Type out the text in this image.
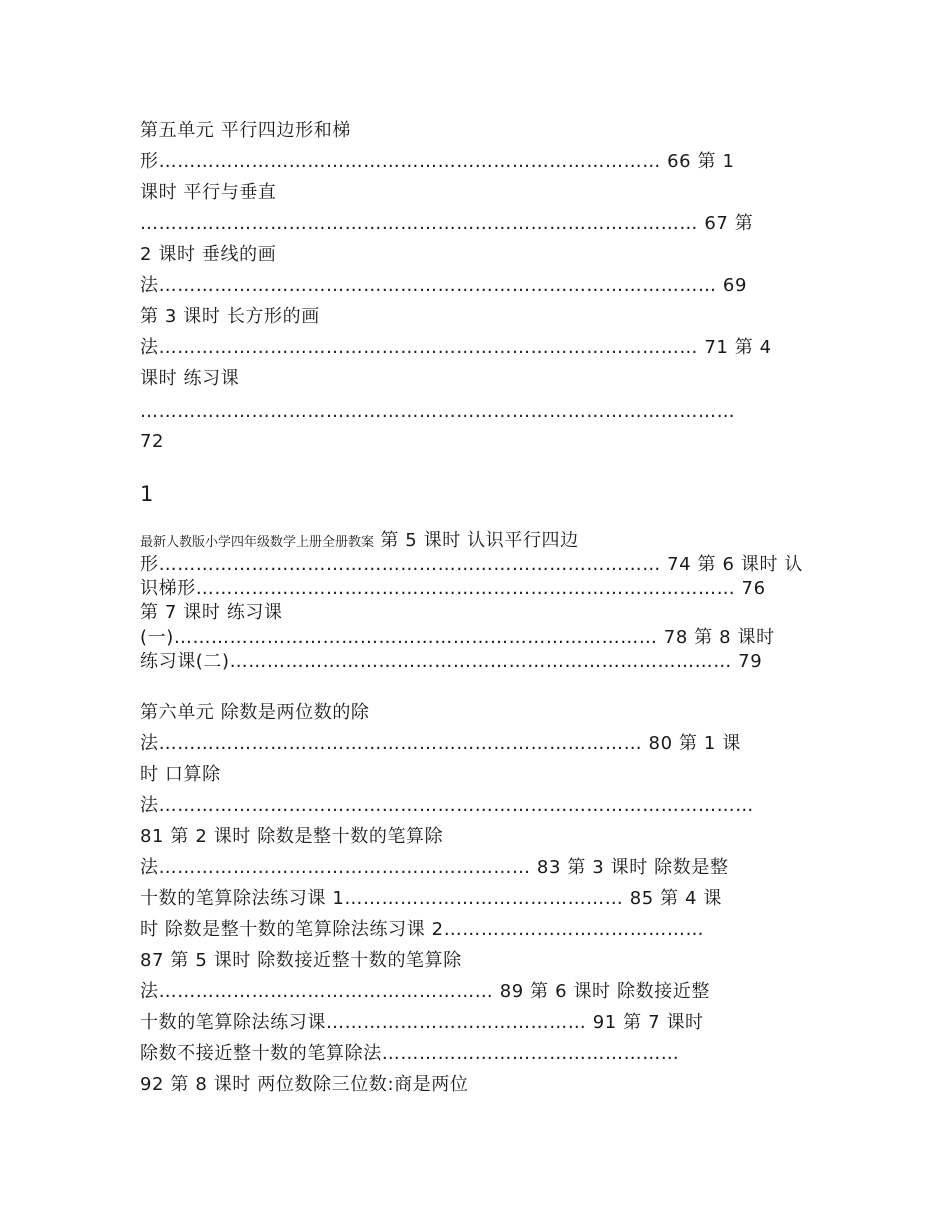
第五单元 平行四边形和梯
形……………………………………………………………………… 66 第 1
课时 平行与垂直
……………………………………………………………………………… 67 第
2 课时 垂线的画
法……………………………………………………………………………… 69
第 3 课时 长方形的画
法…………………………………………………………………………… 71 第 4
课时 练习课
……………………………………………………………………………………
72
1
最新人教版小学四年级数学上册全册教案 第 5 课时 认识平行四边
形……………………………………………………………………… 74 第 6 课时 认
识梯形…………………………………………………………………………… 76
第 7 课时 练习课
(一)…………………………………………………………………… 78 第 8 课时
练习课(二)……………………………………………………………………… 79
第六单元 除数是两位数的除
法…………………………………………………………………… 80 第 1 课
时 口算除
法……………………………………………………………………………………
81 第 2 课时 除数是整十数的笔算除
法…………………………………………………… 83 第 3 课时 除数是整
十数的笔算除法练习课 1……………………………………… 85 第 4 课
时 除数是整十数的笔算除法练习课 2……………………………………
87 第 5 课时 除数接近整十数的笔算除
法……………………………………………… 89 第 6 课时 除数接近整
十数的笔算除法练习课…………………………………… 91 第 7 课时
除数不接近整十数的笔算除法…………………………………………
92 第 8 课时 两位数除三位数:商是两位
